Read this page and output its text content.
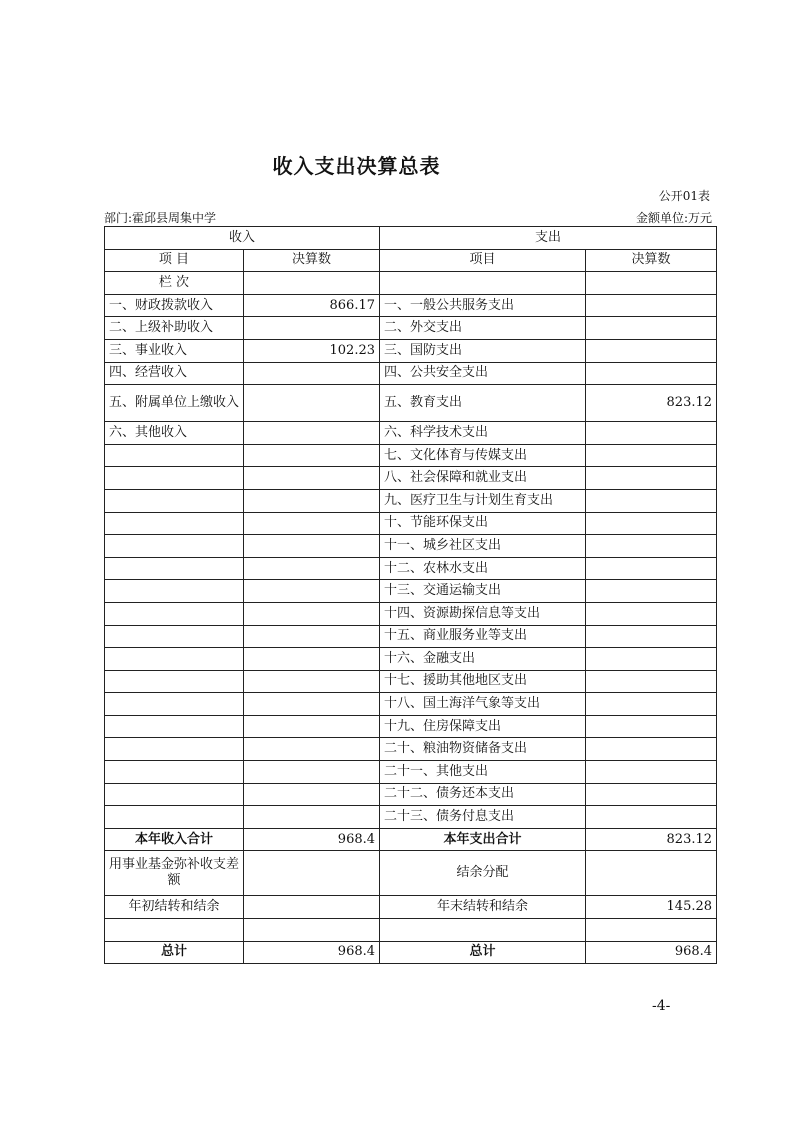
收入支出决算总表
公开01表
部门:霍邱县周集中学	金额单位:万元
收入		支出	
项 目	决算数	项目	决算数
栏 次			
一、财政拨款收入	866.17	一、一般公共服务支出	
二、上级补助收入		二、外交支出	
三、事业收入	102.23	三、国防支出	
四、经营收入		四、公共安全支出	
五、附属单位上缴收入		五、教育支出	823.12
六、其他收入		六、科学技术支出	
		七、文化体育与传媒支出	
		八、社会保障和就业支出	
		九、医疗卫生与计划生育支出	
		十、节能环保支出	
		十一、城乡社区支出	
		十二、农林水支出	
		十三、交通运输支出	
		十四、资源勘探信息等支出	
		十五、商业服务业等支出	
		十六、金融支出	
		十七、援助其他地区支出	
		十八、国土海洋气象等支出	
		十九、住房保障支出	
		二十、粮油物资储备支出	
		二十一、其他支出	
		二十二、债务还本支出	
		二十三、债务付息支出	
本年收入合计	968.4	本年支出合计	823.12
用事业基金弥补收支差额		结余分配	
年初结转和结余		年末结转和结余	145.28

总计	968.4	总计	968.4
-4-
